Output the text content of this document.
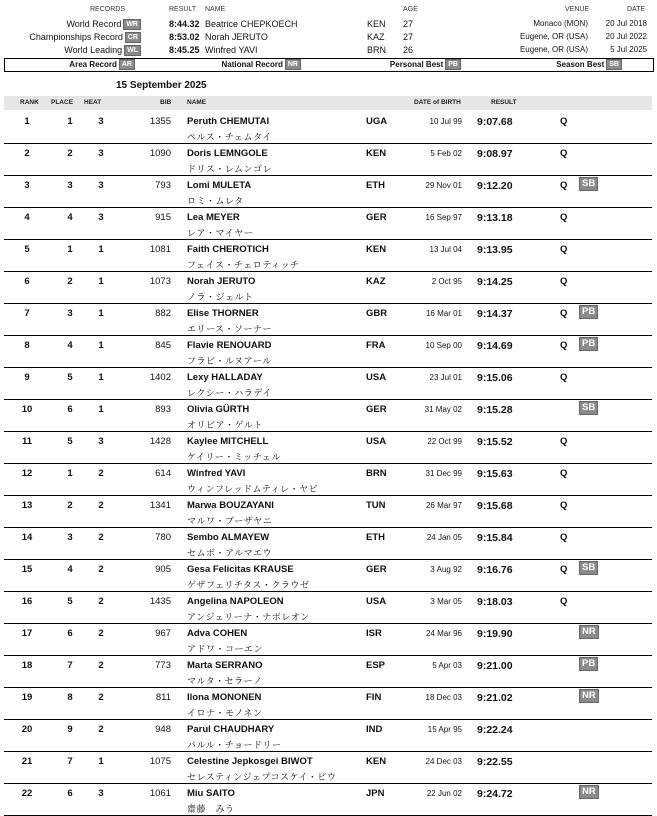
RECORDS	RESULT NAME	AGE	VENUE	DATE
World Record WR	8:44.32 Beatrice CHEPKOECH	KEN 27	Monaco (MON) 20 Jul 2018
Championships Record CR	8:53.02 Norah JERUTO	KAZ 27	Eugene, OR (USA) 20 Jul 2022
World Leading WL	8:45.25 Winfred YAVI	BRN 26	Eugene, OR (USA)	5 Jul 2025
Area Record AR	National Record NR	Personal Best PB	Season Best SB
15 September 2025
RANK PLACE HEAT	BIB NAME	DATE of BIRTH	RESULT
1	1	3	1355 Peruth CHEMUTAI
ペルス・チェムタイ
UGA	10 Jul 99 9:07.68	Q
2	2	3	1090 Doris LEMNGOLE
ドリス・レムンゴレ
KEN	5 Feb 02 9:08.97	Q
3	3	3	793 Lomi MULETA
ロミ・ムレタ
ETH	29 Nov 01 9:12.20	Q	SB
4	4	3	915 Lea MEYER
レア・マイヤー
GER	16 Sep 97 9:13.18	Q
5	1	1	1081 Faith CHEROTICH
フェイス・チェロティッチ
KEN	13 Jul 04 9:13.95	Q
6	2	1	1073 Norah JERUTO
ノラ・ジェルト
KAZ	2 Oct 95 9:14.25	Q
7	3	1	882 Elise THORNER
エリース・ソーナー
GBR	16 Mar 01 9:14.37	Q	PB
8	4	1	845 Flavie RENOUARD
フラビ・ルヌアール
FRA	10 Sep 00 9:14.69	Q	PB
9	5	1	1402 Lexy HALLADAY
レクシー・ハラデイ
USA	23 Jul 01 9:15.06	Q
10	6	1	893 Olivia GÜRTH
オリビア・ゲルト
GER	31 May 02 9:15.28	SB
11	5	3	1428 Kaylee MITCHELL
ケイリー・ミッチェル
USA	22 Oct 99 9:15.52	Q
12	1	2	614 Winfred YAVI
ウィンフレッドムティレ・ヤビ
BRN	31 Dec 99 9:15.63	Q
13	2	2	1341 Marwa BOUZAYANI
マルワ・ブーザヤニ
TUN	26 Mar 97 9:15.68	Q
14	3	2	780 Sembo ALMAYEW
セムボ・アルマエウ
ETH	24 Jan 05 9:15.84	Q
15	4	2	905 Gesa Felicitas KRAUSE
ゲザフェリチタス・クラウゼ
GER	3 Aug 92 9:16.76	Q	SB
16	5	2	1435 Angelina NAPOLEON
アンジェリーナ・ナポレオン
USA	3 Mar 05 9:18.03	Q
17	6	2	967 Adva COHEN
アドワ・コーエン
ISR	24 Mar 96 9:19.90	NR
18	7	2	773 Marta SERRANO
マルタ・セラーノ
ESP	5 Apr 03 9:21.00	PB
19	8	2	811 Ilona MONONEN
イロナ・モノネン
FIN	18 Dec 03 9:21.02	NR
20	9	2	948 Parul CHAUDHARY
パルル・チョードリー
IND	15 Apr 95 9:22.24
21	7	1	1075 Celestine Jepkosgei BIWOT
セレスティンジェプコスケイ・ビウ
KEN	24 Dec 03 9:22.55
22	6	3	1061 Miu SAITO
齋藤　みう
JPN	22 Jun 02 9:24.72	NR
